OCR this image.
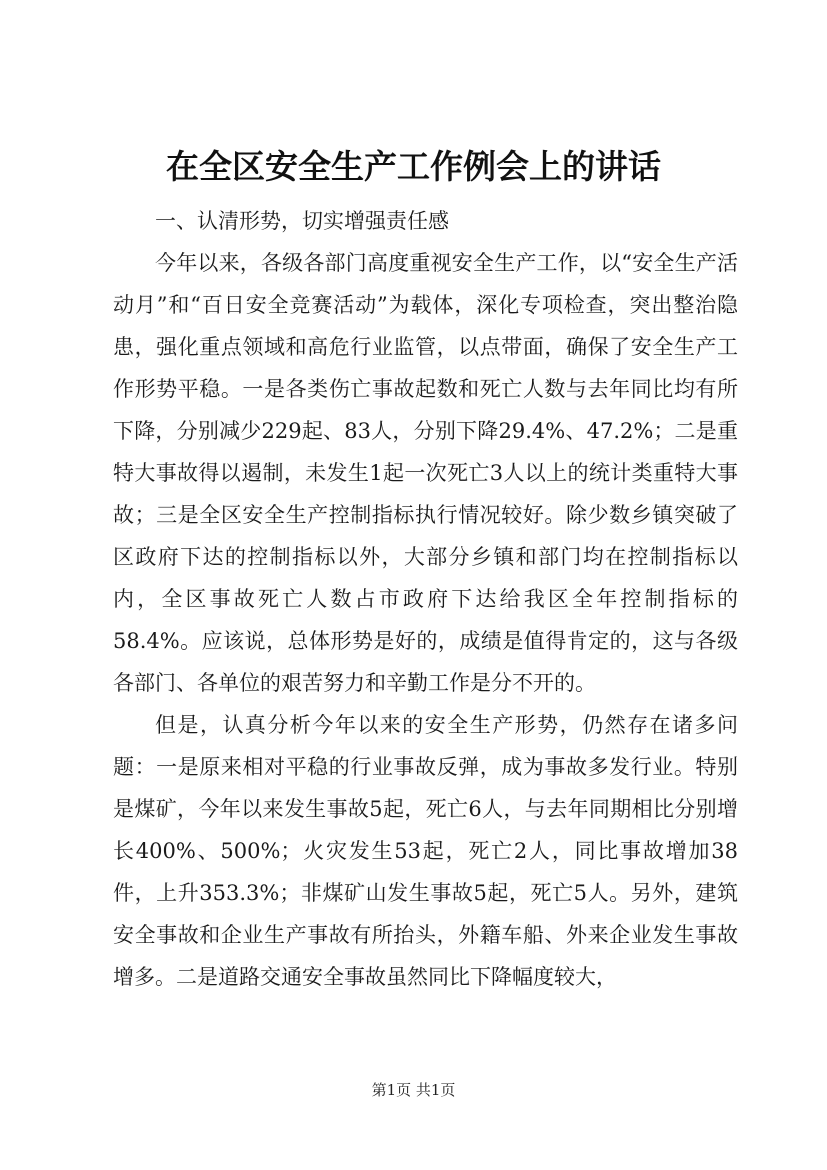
在全区安全生产工作例会上的讲话

一、认清形势，切实增强责任感

今年以来，各级各部门高度重视安全生产工作，以“安全生产活动月”和“百日安全竞赛活动”为载体，深化专项检查，突出整治隐患，强化重点领域和高危行业监管，以点带面，确保了安全生产工作形势平稳。一是各类伤亡事故起数和死亡人数与去年同比均有所下降，分别减少229起、83人，分别下降29.4%、47.2%；二是重特大事故得以遏制，未发生1起一次死亡3人以上的统计类重特大事故；三是全区安全生产控制指标执行情况较好。除少数乡镇突破了区政府下达的控制指标以外，大部分乡镇和部门均在控制指标以内，全区事故死亡人数占市政府下达给我区全年控制指标的58.4%。应该说，总体形势是好的，成绩是值得肯定的，这与各级各部门、各单位的艰苦努力和辛勤工作是分不开的。

但是，认真分析今年以来的安全生产形势，仍然存在诸多问题：一是原来相对平稳的行业事故反弹，成为事故多发行业。特别是煤矿，今年以来发生事故5起，死亡6人，与去年同期相比分别增长400%、500%；火灾发生53起，死亡2人，同比事故增加38件，上升353.3%；非煤矿山发生事故5起，死亡5人。另外，建筑安全事故和企业生产事故有所抬头，外籍车船、外来企业发生事故增多。二是道路交通安全事故虽然同比下降幅度较大，

第1页 共1页
